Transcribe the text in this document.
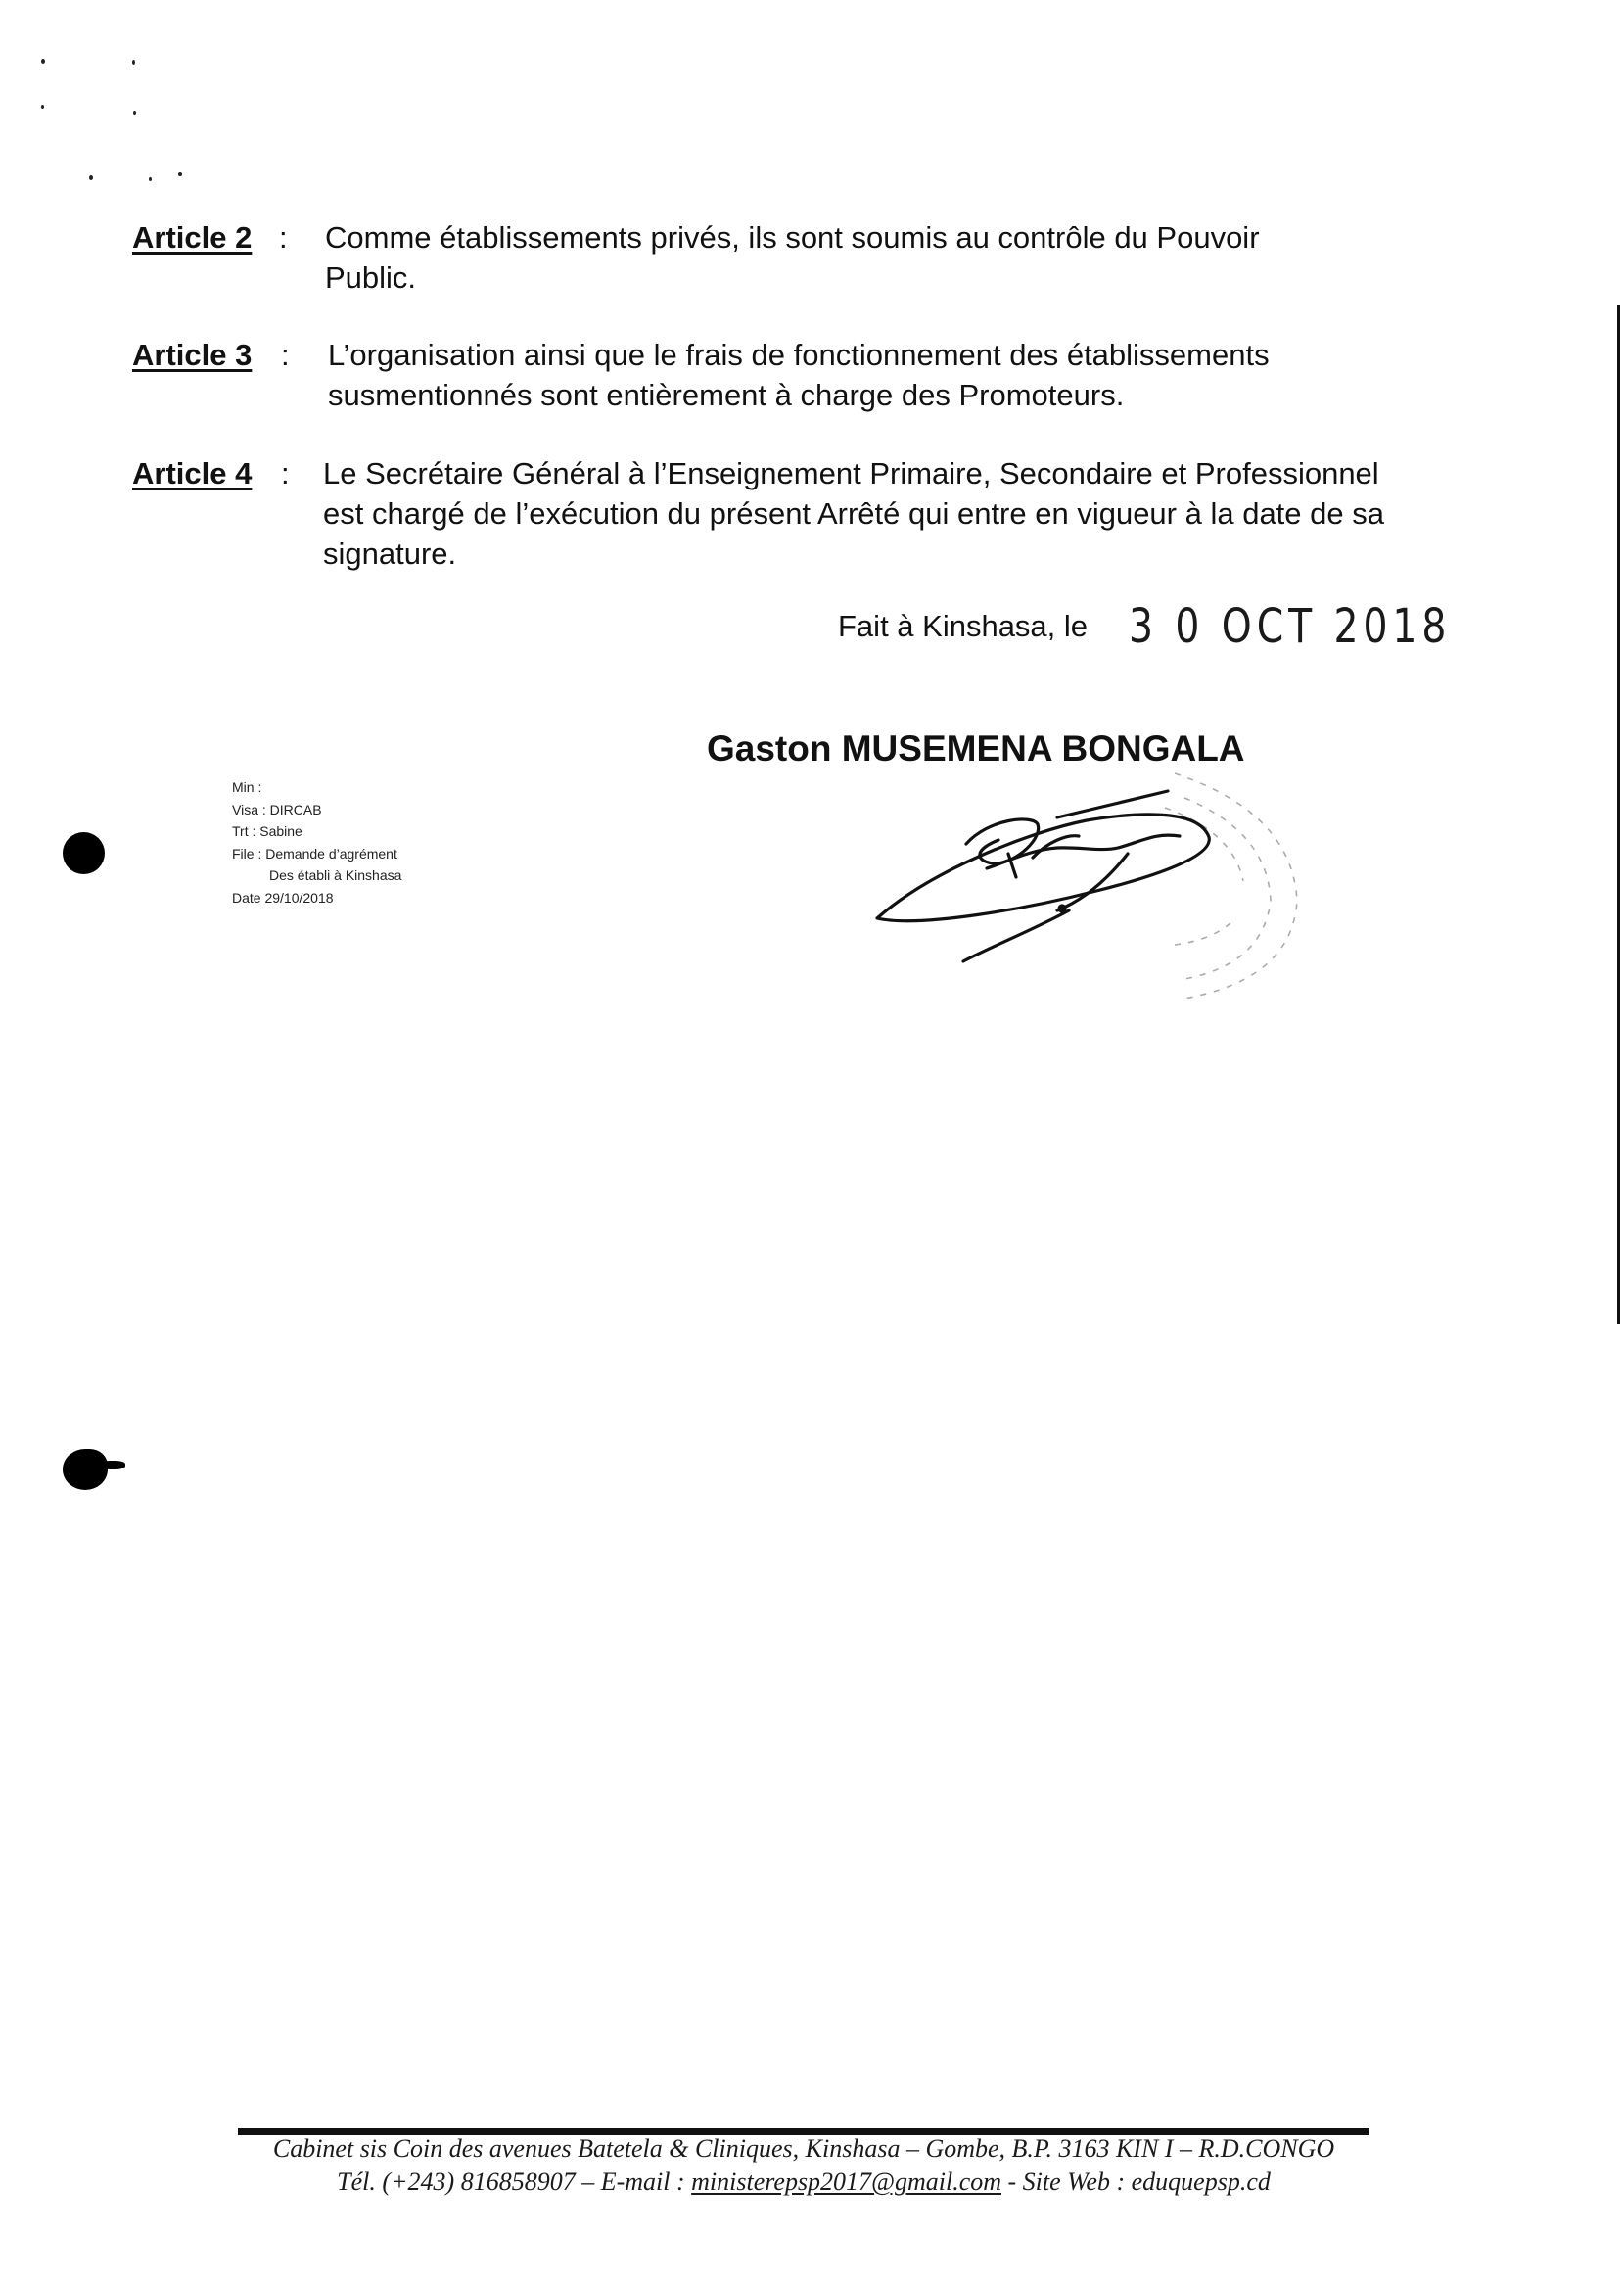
Article 2 : Comme établissements privés, ils sont soumis au contrôle du Pouvoir
Public.
Article 3 : L’organisation ainsi que le frais de fonctionnement des établissements
susmentionnés sont entièrement à charge des Promoteurs.
Article 4 : Le Secrétaire Général à l’Enseignement Primaire, Secondaire et Professionnel
est chargé de l’exécution du présent Arrêté qui entre en vigueur à la date de sa
signature.
Fait à Kinshasa, le 3 0 OCT 2018
Gaston MUSEMENA BONGALA
Min :
Visa : DIRCAB
Trt : Sabine
File : Demande d’agrément
Des établi à Kinshasa
Date 29/10/2018
Cabinet sis Coin des avenues Batetela & Cliniques, Kinshasa – Gombe, B.P. 3163 KIN I – R.D.CONGO
Tél. (+243) 816858907 – E-mail : ministerepsp2017@gmail.com - Site Web : eduquepsp.cd
